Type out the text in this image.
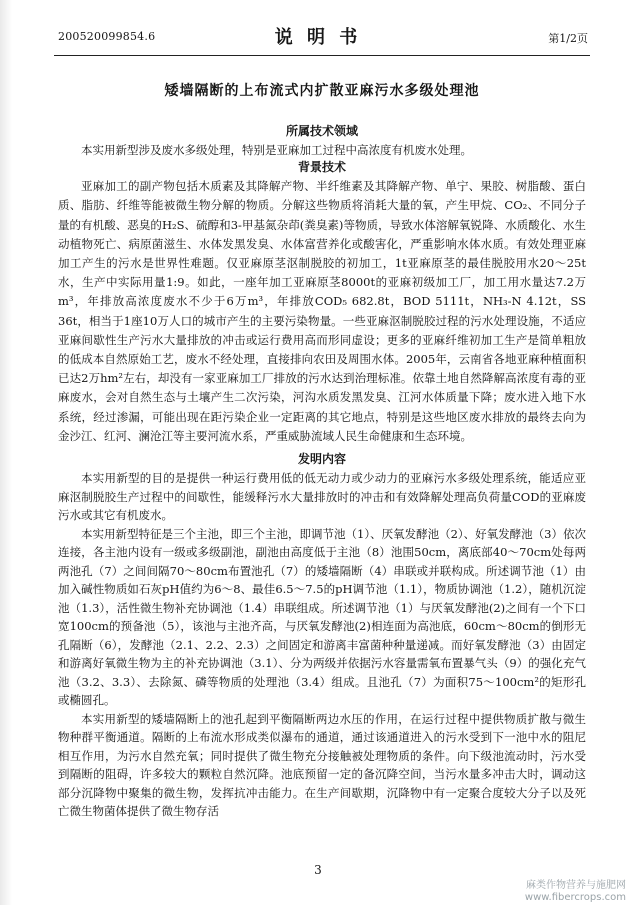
200520099854.6	说 明 书	第1/2页
矮墙隔断的上布流式内扩散亚麻污水多级处理池
所属技术领域

本实用新型涉及废水多级处理，特别是亚麻加工过程中高浓度有机废水处理。

背景技术

亚麻加工的副产物包括木质素及其降解产物、半纤维素及其降解产物、单宁、果胶、树脂酸、蛋白质、脂肪、纤维等能被微生物分解的物质。分解这些物质将消耗大量的氧，产生甲烷、CO₂、不同分子量的有机酸、恶臭的H₂S、硫醇和3-甲基氮杂茚(粪臭素)等物质，导致水体溶解氧锐降、水质酸化、水生动植物死亡、病原菌滋生、水体发黑发臭、水体富营养化或酸害化，严重影响水体水质。有效处理亚麻加工产生的污水是世界性难题。仅亚麻原茎沤制脱胶的初加工，1t亚麻原茎的最佳脱胶用水20～25t水，生产中实际用量1:9。如此，一座年加工亚麻原茎8000t的亚麻初级加工厂，加工用水量达7.2万m³，年排放高浓度废水不少于6万m³，年排放COD₅ 682.8t，BOD 5111t，NH₃-N 4.12t，SS 36t，相当于1座10万人口的城市产生的主要污染物量。一些亚麻沤制脱胶过程的污水处理设施，不适应亚麻间歇性生产污水大量排放的冲击或运行费用高而形同虚设；更多的亚麻纤维初加工生产是简单粗放的低成本自然原始工艺，废水不经处理，直接排向农田及周围水体。2005年，云南省各地亚麻种植面积已达2万hm²左右，却没有一家亚麻加工厂排放的污水达到治理标准。依靠土地自然降解高浓度有毒的亚麻废水，会对自然生态与土壤产生二次污染，河沟水质发黑发臭、江河水体质量下降；废水进入地下水系统，经过渗漏，可能出现在距污染企业一定距离的其它地点，特别是这些地区废水排放的最终去向为金沙江、红河、澜沧江等主要河流水系，严重威胁流域人民生命健康和生态环境。

发明内容

本实用新型的目的是提供一种运行费用低的低无动力或少动力的亚麻污水多级处理系统，能适应亚麻沤制脱胶生产过程中的间歇性，能缓释污水大量排放时的冲击和有效降解处理高负荷量COD的亚麻废污水或其它有机废水。

本实用新型特征是三个主池，即三个主池，即调节池（1）、厌氧发酵池（2）、好氧发酵池（3）依次连接，各主池内设有一级或多级副池，副池由高度低于主池（8）池围50cm，离底部40～70cm处每两两池孔（7）之间间隔70～80cm布置池孔（7）的矮墙隔断（4）串联或并联构成。所述调节池（1）由加入碱性物质如石灰pH值约为6～8、最佳6.5～7.5的pH调节池（1.1），物质协调池（1.2），随机沉淀池（1.3），活性微生物补充协调池（1.4）串联组成。所述调节池（1）与厌氧发酵池(2)之间有一个下口宽100cm的预备池（5），该池与主池齐高，与厌氧发酵池(2)相连面为高池底，60cm～80cm的倒形无孔隔断（6），发酵池（2.1、2.2、2.3）之间固定和游离丰富菌种种量递减。而好氧发酵池（3）由固定和游离好氧微生物为主的补充协调池（3.1）、分为两级并依据污水容量需氧布置暴气头（9）的强化充气池（3.2、3.3）、去除氮、磷等物质的处理池（3.4）组成。且池孔（7）为面积75～100cm²的矩形孔或椭圆孔。

本实用新型的矮墙隔断上的池孔起到平衡隔断两边水压的作用，在运行过程中提供物质扩散与微生物种群平衡通道。隔断的上布流水形成类似瀑布的通道，通过该通道进入的污水受到下一池中水的阻尼相互作用，为污水自然充氧；同时提供了微生物充分接触被处理物质的条件。向下级池流动时，污水受到隔断的阻碍，许多较大的颗粒自然沉降。池底预留一定的备沉降空间，当污水量多冲击大时，调动这部分沉降物中聚集的微生物，发挥抗冲击能力。在生产间歇期，沉降物中有一定聚合度较大分子以及死亡微生物菌体提供了微生物存活

3
麻类作物营养与施肥网
www.fibercrops.com
